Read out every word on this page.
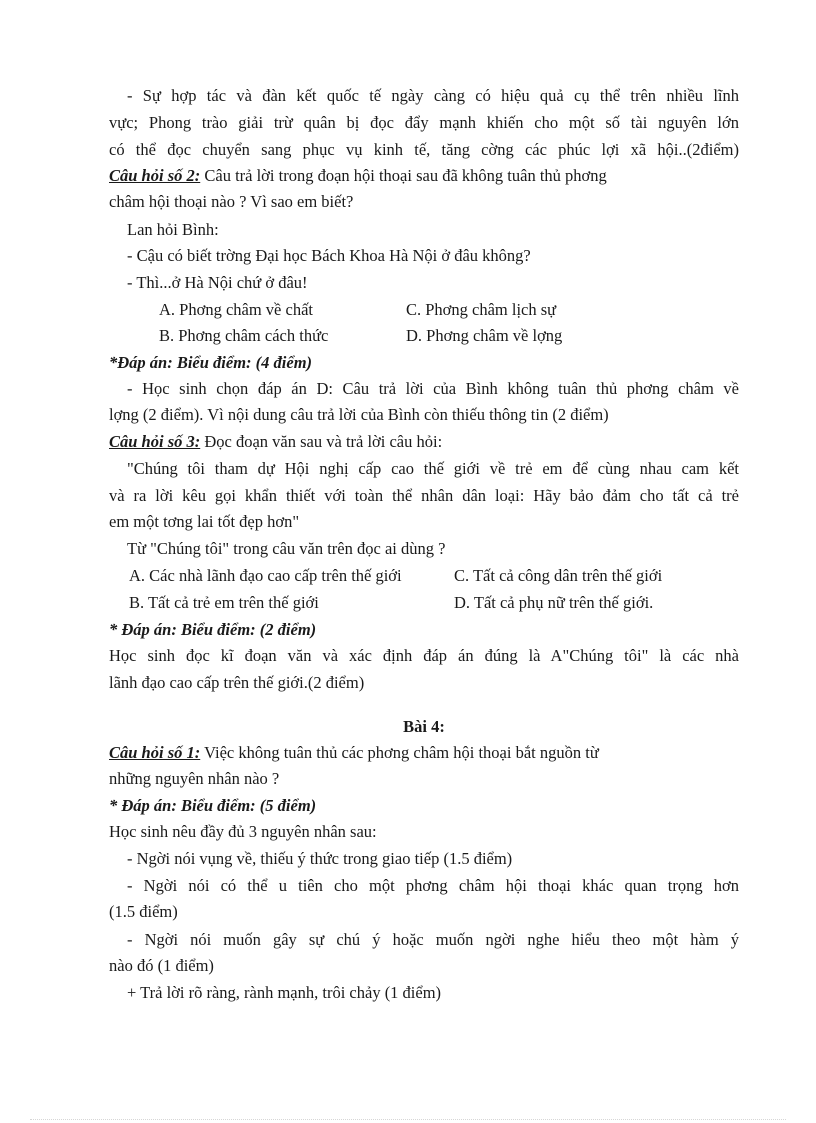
- Sự hợp tác và đàn kết quốc tế ngày càng có hiệu quả cụ thể trên nhiều lĩnh
vực; Phong trào giải trừ quân bị đọc đẩy mạnh khiến cho một số tài nguyên lớn
có thể đọc chuyển sang phục vụ kinh tế, tăng cờng các phúc lợi xã hội..(2điểm)
Câu hỏi số 2: Câu trả lời trong đoạn hội thoại sau đã không tuân thủ phơng
châm hội thoại nào ? Vì sao em biết?
Lan hỏi Bình:
- Cậu có biết trờng Đại học Bách Khoa Hà Nội ở đâu không?
- Thì...ở Hà Nội chứ ở đâu!
A. Phơng châm về chất	C. Phơng châm lịch sự
B. Phơng châm cách thức	D. Phơng châm về lợng
*Đáp án: Biểu điểm: (4 điểm)
- Học sinh chọn đáp án D: Câu trả lời của Bình không tuân thủ phơng châm về
lợng (2 điểm). Vì nội dung câu trả lời của Bình còn thiếu thông tin (2 điểm)
Câu hỏi số 3: Đọc đoạn văn sau và trả lời câu hỏi:
"Chúng tôi tham dự Hội nghị cấp cao thế giới về trẻ em để cùng nhau cam kết
và ra lời kêu gọi khẩn thiết với toàn thể nhân dân loại: Hãy bảo đảm cho tất cả trẻ
em một tơng lai tốt đẹp hơn"
Từ "Chúng tôi" trong câu văn trên đọc ai dùng ?
A. Các nhà lãnh đạo cao cấp trên thế giới	C. Tất cả công dân trên thế giới
B. Tất cả trẻ em trên thế giới	D. Tất cả phụ nữ trên thế giới.
* Đáp án: Biểu điểm: (2 điểm)
Học sinh đọc kĩ đoạn văn và xác định đáp án đúng là A"Chúng tôi" là các nhà
lãnh đạo cao cấp trên thế giới.(2 điểm)
Bài 4:
Câu hỏi số 1: Việc không tuân thủ các phơng châm hội thoại bắt nguồn từ
những nguyên nhân nào ?
* Đáp án: Biểu điểm: (5 điểm)
Học sinh nêu đầy đủ 3 nguyên nhân sau:
- Ngời nói vụng về, thiếu ý thức trong giao tiếp (1.5 điểm)
- Ngời nói có thể u tiên cho một phơng châm hội thoại khác quan trọng hơn
(1.5 điểm)
- Ngời nói muốn gây sự chú ý hoặc muốn ngời nghe hiểu theo một hàm ý
nào đó (1 điểm)
+ Trả lời rõ ràng, rành mạnh, trôi chảy (1 điểm)
